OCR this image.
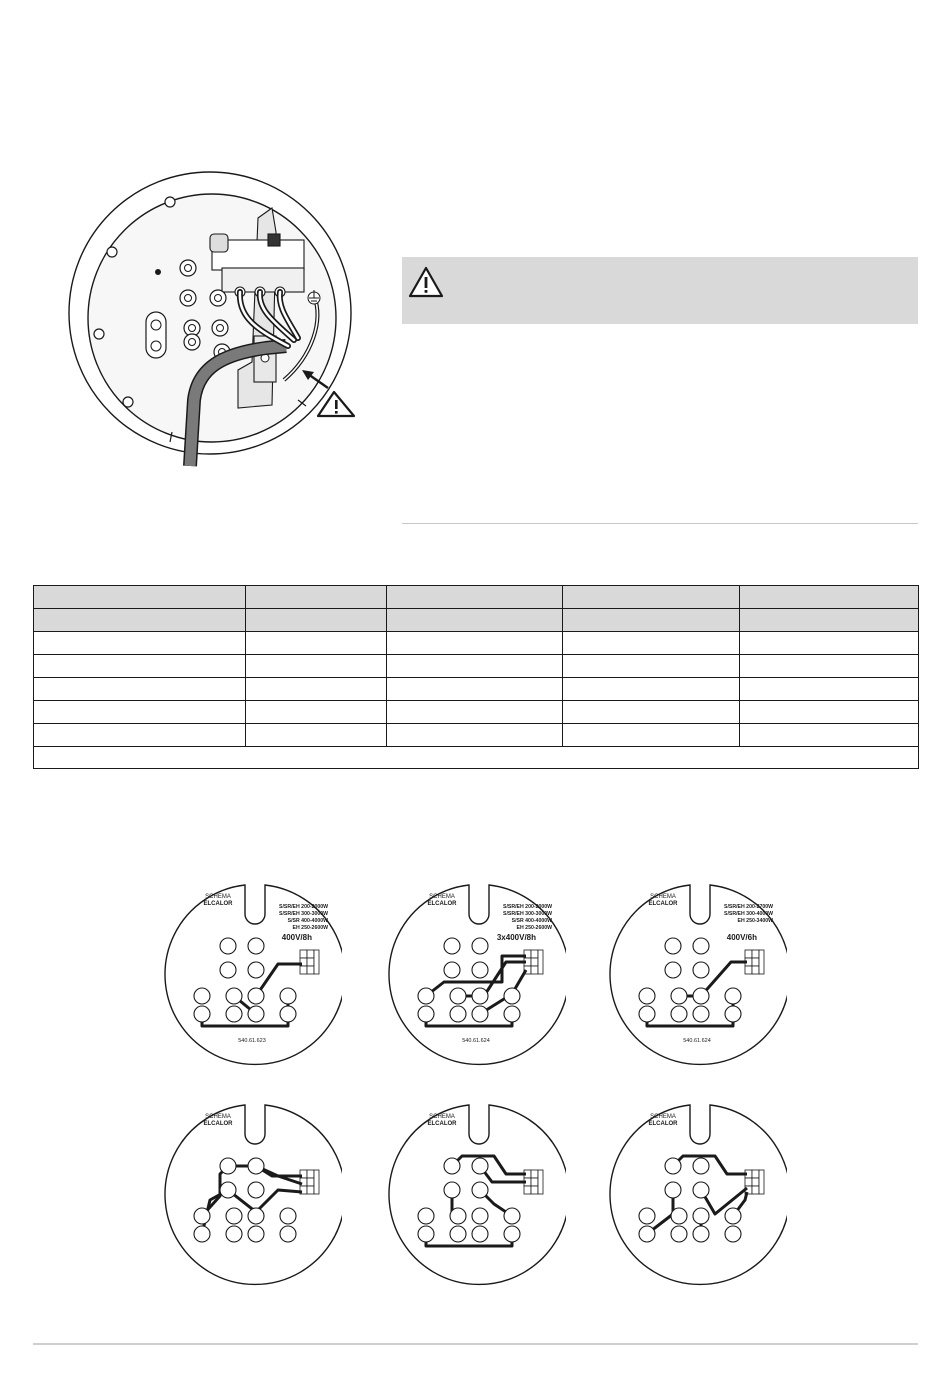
SCHEMA
ELCALOR	S/SR/EH 200-2000W
S/SR/EH 300-3000W
S/SR 400-4000W
EH 250-2600W
400V/8h
540.61.623
SCHEMA
ELCALOR	S/SR/EH 200-2000W
S/SR/EH 300-3000W
S/SR 400-4000W
EH 250-2600W
3x400V/8h
540.61.624
SCHEMA
ELCALOR	S/SR/EH 200-2700W
S/SR/EH 300-4000W
EH 250-3400W
400V/6h
540.61.624
SCHEMA
ELCALOR
SCHEMA
ELCALOR
SCHEMA
ELCALOR
